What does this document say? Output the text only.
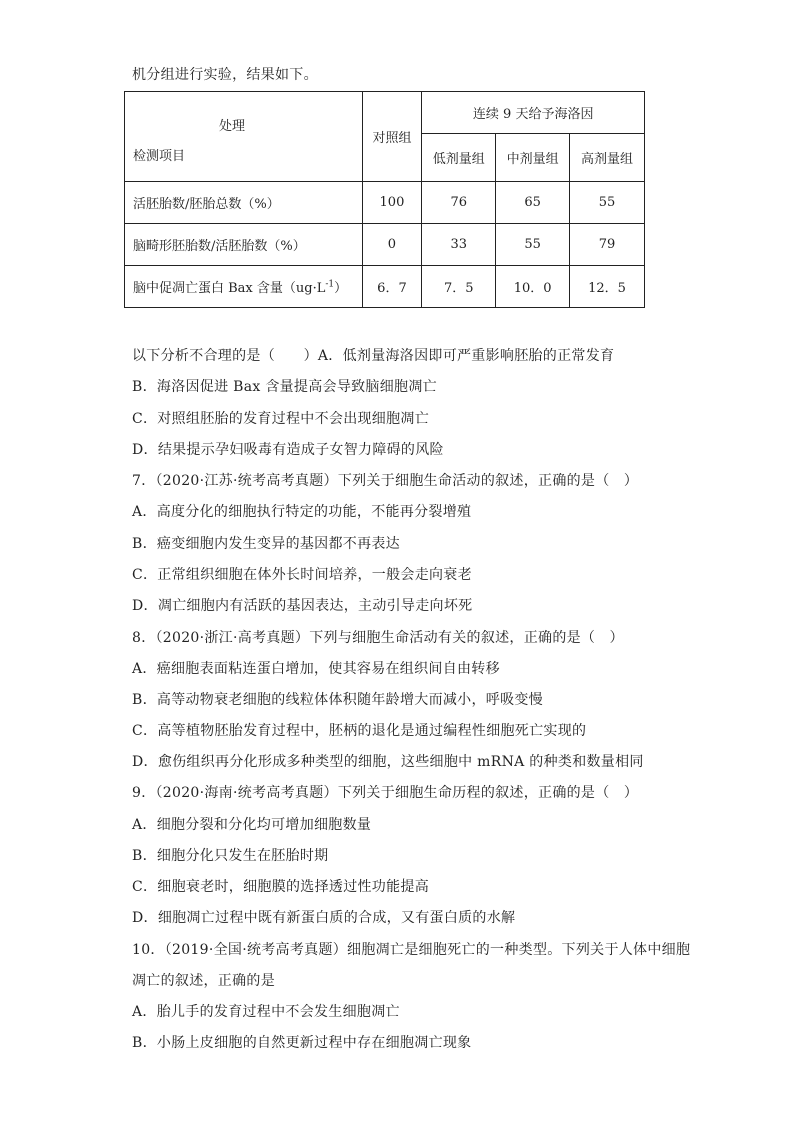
机分组进行实验，结果如下。
处理
检测项目	对照组	连续 9 天给予海洛因		
		低剂量组	中剂量组	高剂量组
活胚胎数/胚胎总数（%）	100	76	65	55
脑畸形胚胎数/活胚胎数（%）	0	33	55	79
脑中促凋亡蛋白 Bax 含量$(ug\cdot L^{-1})$	6．7	7．5	10．0	12．5
以下分析不合理的是（　　）A．低剂量海洛因即可严重影响胚胎的正常发育
B．海洛因促进 Bax 含量提高会导致脑细胞凋亡
C．对照组胚胎的发育过程中不会出现细胞凋亡
D．结果提示孕妇吸毒有造成子女智力障碍的风险
7．（2020·江苏·统考高考真题）下列关于细胞生命活动的叙述，正确的是（　）
A．高度分化的细胞执行特定的功能，不能再分裂增殖
B．癌变细胞内发生变异的基因都不再表达
C．正常组织细胞在体外长时间培养，一般会走向衰老
D．凋亡细胞内有活跃的基因表达，主动引导走向坏死
8．（2020·浙江·高考真题）下列与细胞生命活动有关的叙述，正确的是（　）
A．癌细胞表面粘连蛋白增加，使其容易在组织间自由转移
B．高等动物衰老细胞的线粒体体积随年龄增大而减小，呼吸变慢
C．高等植物胚胎发育过程中，胚柄的退化是通过编程性细胞死亡实现的
D．愈伤组织再分化形成多种类型的细胞，这些细胞中 mRNA 的种类和数量相同
9．（2020·海南·统考高考真题）下列关于细胞生命历程的叙述，正确的是（　）
A．细胞分裂和分化均可增加细胞数量
B．细胞分化只发生在胚胎时期
C．细胞衰老时，细胞膜的选择透过性功能提高
D．细胞凋亡过程中既有新蛋白质的合成，又有蛋白质的水解
10．（2019·全国·统考高考真题）细胞凋亡是细胞死亡的一种类型。下列关于人体中细胞
凋亡的叙述，正确的是
A．胎儿手的发育过程中不会发生细胞凋亡
B．小肠上皮细胞的自然更新过程中存在细胞凋亡现象
